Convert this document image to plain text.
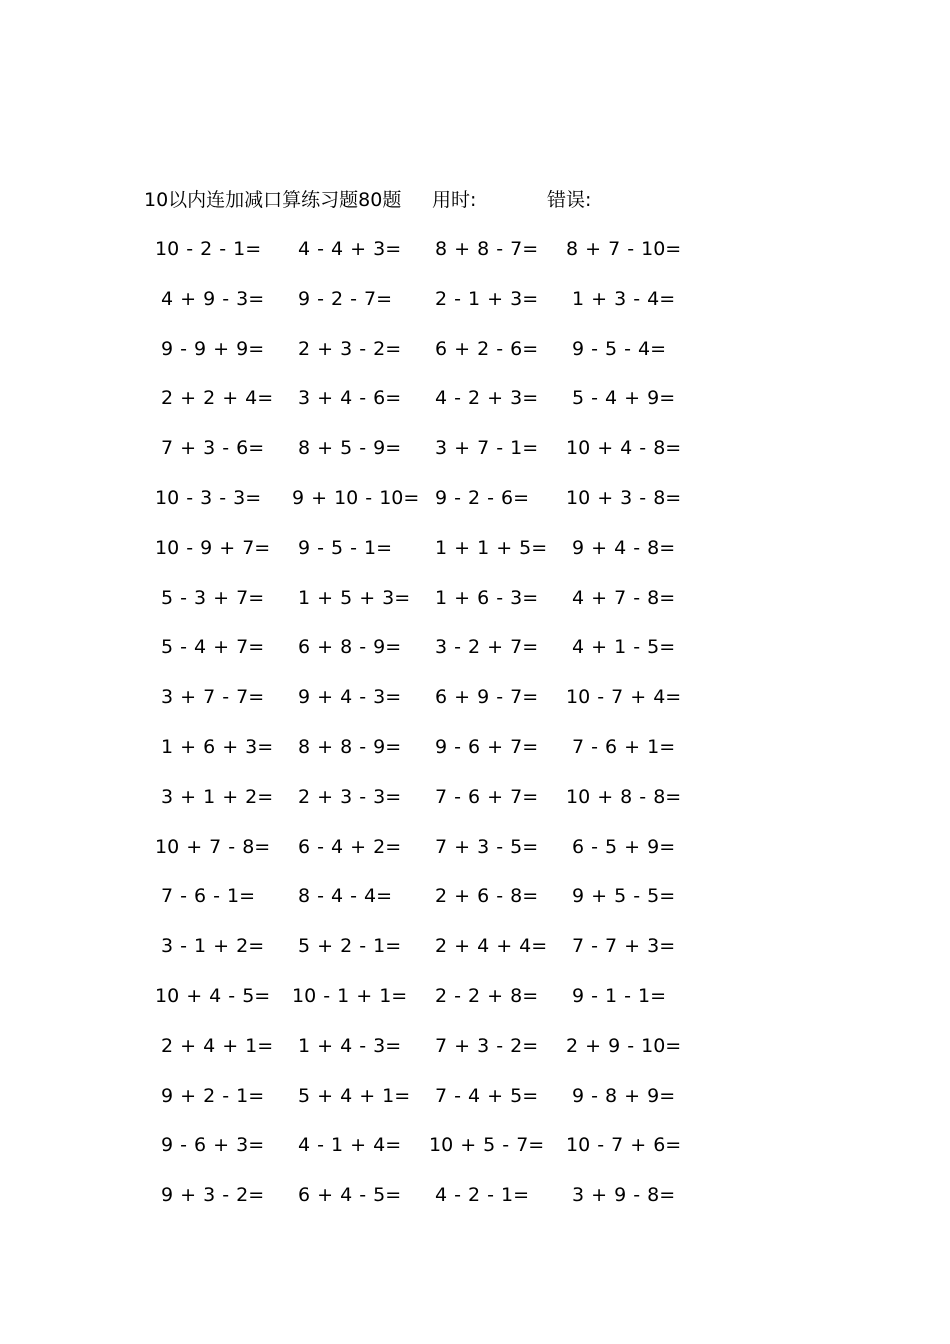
10以内连加减口算练习题80题 用时:	错误:
10 - 2 - 1= 4 - 4 + 3= 8 + 8 - 7= 8 + 7 - 10=
4 + 9 - 3= 9 - 2 - 7= 2 - 1 + 3= 1 + 3 - 4=
9 - 9 + 9= 2 + 3 - 2= 6 + 2 - 6= 9 - 5 - 4=
2 + 2 + 4= 3 + 4 - 6= 4 - 2 + 3= 5 - 4 + 9=
7 + 3 - 6= 8 + 5 - 9= 3 + 7 - 1= 10 + 4 - 8=
10 - 3 - 3= 9 + 10 - 10= 9 - 2 - 6= 10 + 3 - 8=
10 - 9 + 7= 9 - 5 - 1= 1 + 1 + 5= 9 + 4 - 8=
5 - 3 + 7= 1 + 5 + 3= 1 + 6 - 3= 4 + 7 - 8=
5 - 4 + 7= 6 + 8 - 9= 3 - 2 + 7= 4 + 1 - 5=
3 + 7 - 7= 9 + 4 - 3= 6 + 9 - 7= 10 - 7 + 4=
1 + 6 + 3= 8 + 8 - 9= 9 - 6 + 7= 7 - 6 + 1=
3 + 1 + 2= 2 + 3 - 3= 7 - 6 + 7= 10 + 8 - 8=
10 + 7 - 8= 6 - 4 + 2= 7 + 3 - 5= 6 - 5 + 9=
7 - 6 - 1= 8 - 4 - 4= 2 + 6 - 8= 9 + 5 - 5=
3 - 1 + 2= 5 + 2 - 1= 2 + 4 + 4= 7 - 7 + 3=
10 + 4 - 5= 10 - 1 + 1= 2 - 2 + 8= 9 - 1 - 1=
2 + 4 + 1= 1 + 4 - 3= 7 + 3 - 2= 2 + 9 - 10=
9 + 2 - 1= 5 + 4 + 1= 7 - 4 + 5= 9 - 8 + 9=
9 - 6 + 3= 4 - 1 + 4= 10 + 5 - 7= 10 - 7 + 6=
9 + 3 - 2= 6 + 4 - 5= 4 - 2 - 1= 3 + 9 - 8=
